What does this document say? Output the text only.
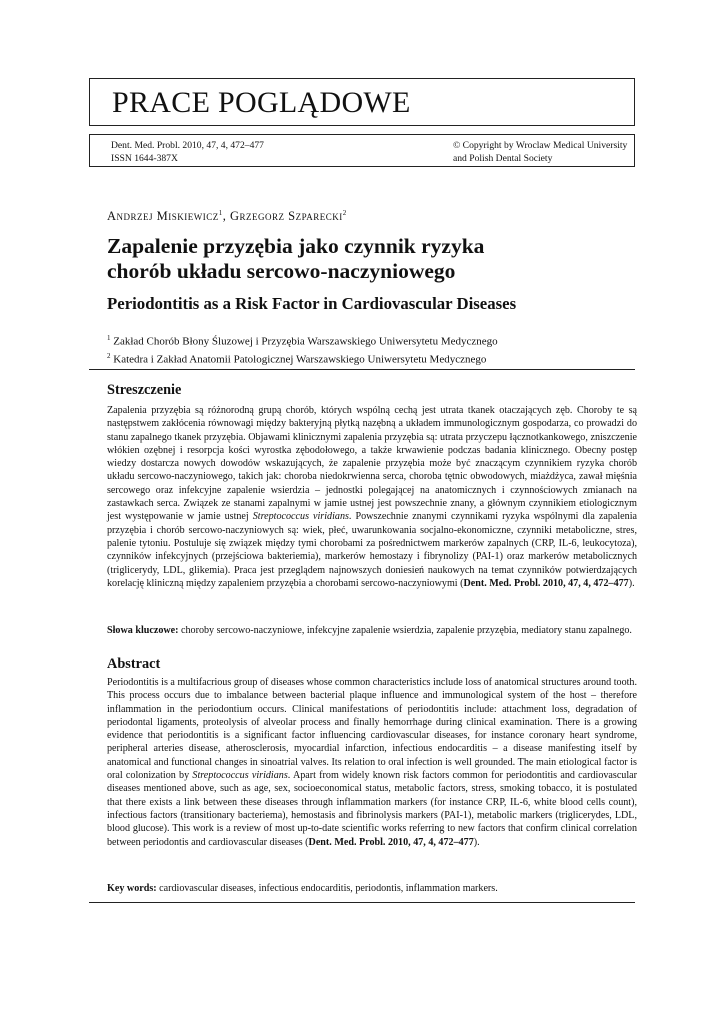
PRACE POGLĄDOWE
Dent. Med. Probl. 2010, 47, 4, 472–477
ISSN 1644-387X
© Copyright by Wroclaw Medical University
and Polish Dental Society
Andrzej Miskiewicz$^1$, Grzegorz Szparecki$^2$
Zapalenie przyzębia jako czynnik ryzyka
chorób układu sercowo-naczyniowego
Periodontitis as a Risk Factor in Cardiovascular Diseases
$^1$ Zakład Chorób Błony Śluzowej i Przyzębia Warszawskiego Uniwersytetu Medycznego
$^2$ Katedra i Zakład Anatomii Patologicznej Warszawskiego Uniwersytetu Medycznego
Streszczenie
Zapalenia przyzębia są różnorodną grupą chorób, których wspólną cechą jest utrata tkanek otaczających zęb. Choroby te są następstwem zakłócenia równowagi między bakteryjną płytką nazębną a układem immunologicznym gospodarza, co prowadzi do stanu zapalnego tkanek przyzębia. Objawami klinicznymi zapalenia przyzębia są: utrata przyczepu łącznotkankowego, zniszczenie włókien ozębnej i resorpcja kości wyrostka zębodołowego, a także krwawienie podczas badania klinicznego. Obecny postęp wiedzy dostarcza nowych dowodów wskazujących, że zapalenie przyzębia może być znaczącym czynnikiem ryzyka chorób układu sercowo-naczyniowego, takich jak: choroba niedokrwienna serca, choroba tętnic obwodowych, miażdżyca, zawał mięśnia sercowego oraz infekcyjne zapalenie wsierdzia – jednostki polegającej na anatomicznych i czynnościowych zmianach na zastawkach serca. Związek ze stanami zapalnymi w jamie ustnej jest powszechnie znany, a głównym czynnikiem etiologicznym jest występowanie w jamie ustnej Streptococcus viridians. Powszechnie znanymi czynnikami ryzyka wspólnymi dla zapalenia przyzębia i chorób sercowo-naczyniowych są: wiek, płeć, uwarunkowania socjalno-ekonomiczne, czynniki metaboliczne, stres, palenie tytoniu. Postuluje się związek między tymi chorobami za pośrednictwem markerów zapalnych (CRP, IL-6, leukocytoza), czynników infekcyjnych (przejściowa bakteriemia), markerów hemostazy i fibrynolizy (PAI-1) oraz markerów metabolicznych (triglicerydy, LDL, glikemia). Praca jest przeglądem najnowszych doniesień naukowych na temat czynników potwierdzających korelację kliniczną między zapaleniem przyzębia a chorobami sercowo-naczyniowymi (Dent. Med. Probl. 2010, 47, 4, 472–477).
Słowa kluczowe: choroby sercowo-naczyniowe, infekcyjne zapalenie wsierdzia, zapalenie przyzębia, mediatory stanu zapalnego.
Abstract
Periodontitis is a multifacrious group of diseases whose common characteristics include loss of anatomical structures around tooth. This process occurs due to imbalance between bacterial plaque influence and immunological system of the host – therefore inflammation in the periodontium occurs. Clinical manifestations of periodontitis include: attachment loss, degradation of periodontal ligaments, proteolysis of alveolar process and finally hemorrhage during clinical examination. There is a growing evidence that periodontitis is a significant factor influencing cardiovascular diseases, for instance coronary heart syndrome, peripheral arteries disease, atherosclerosis, myocardial infarction, infectious endocarditis – a disease manifesting itself by anatomical and functional changes in sinoatrial valves. Its relation to oral infection is well grounded. The main etiological factor is oral colonization by Streptococcus viridians. Apart from widely known risk factors common for periodontitis and cardiovascular diseases mentioned above, such as age, sex, socioeconomical status, metabolic factors, stress, smoking tobacco, it is postulated that there exists a link between these diseases through inflammation markers (for instance CRP, IL-6, white blood cells count), infectious factors (transitionary bacteriema), hemostasis and fibrinolysis markers (PAI-1), metabolic markers (triglicerydes, LDL, blood glucose). This work is a review of most up-to-date scientific works referring to new factors that confirm clinical correlation between periodontis and cardiovascular diseases (Dent. Med. Probl. 2010, 47, 4, 472–477).
Key words: cardiovascular diseases, infectious endocarditis, periodontis, inflammation markers.
